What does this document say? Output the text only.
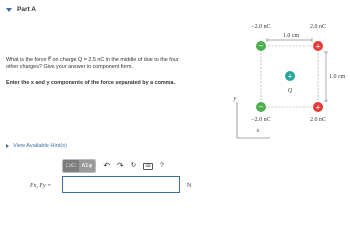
Part A
What is the force F⃗ on charge Q = 2.5 nC in the middle of due to the four other charges? Give your answer in component form.
Enter the x and y components of the force separated by a comma.
View Available Hint(s)
□√□	AΣφ	↶ ↷ ↻	⌨	?
Fx, Fy =	N
1.0 cm
1.0 cm
−2.0 nC	2.0 nC
Q
−2.0 nC	2.0 nC
−	+
+
−	+
y
x
